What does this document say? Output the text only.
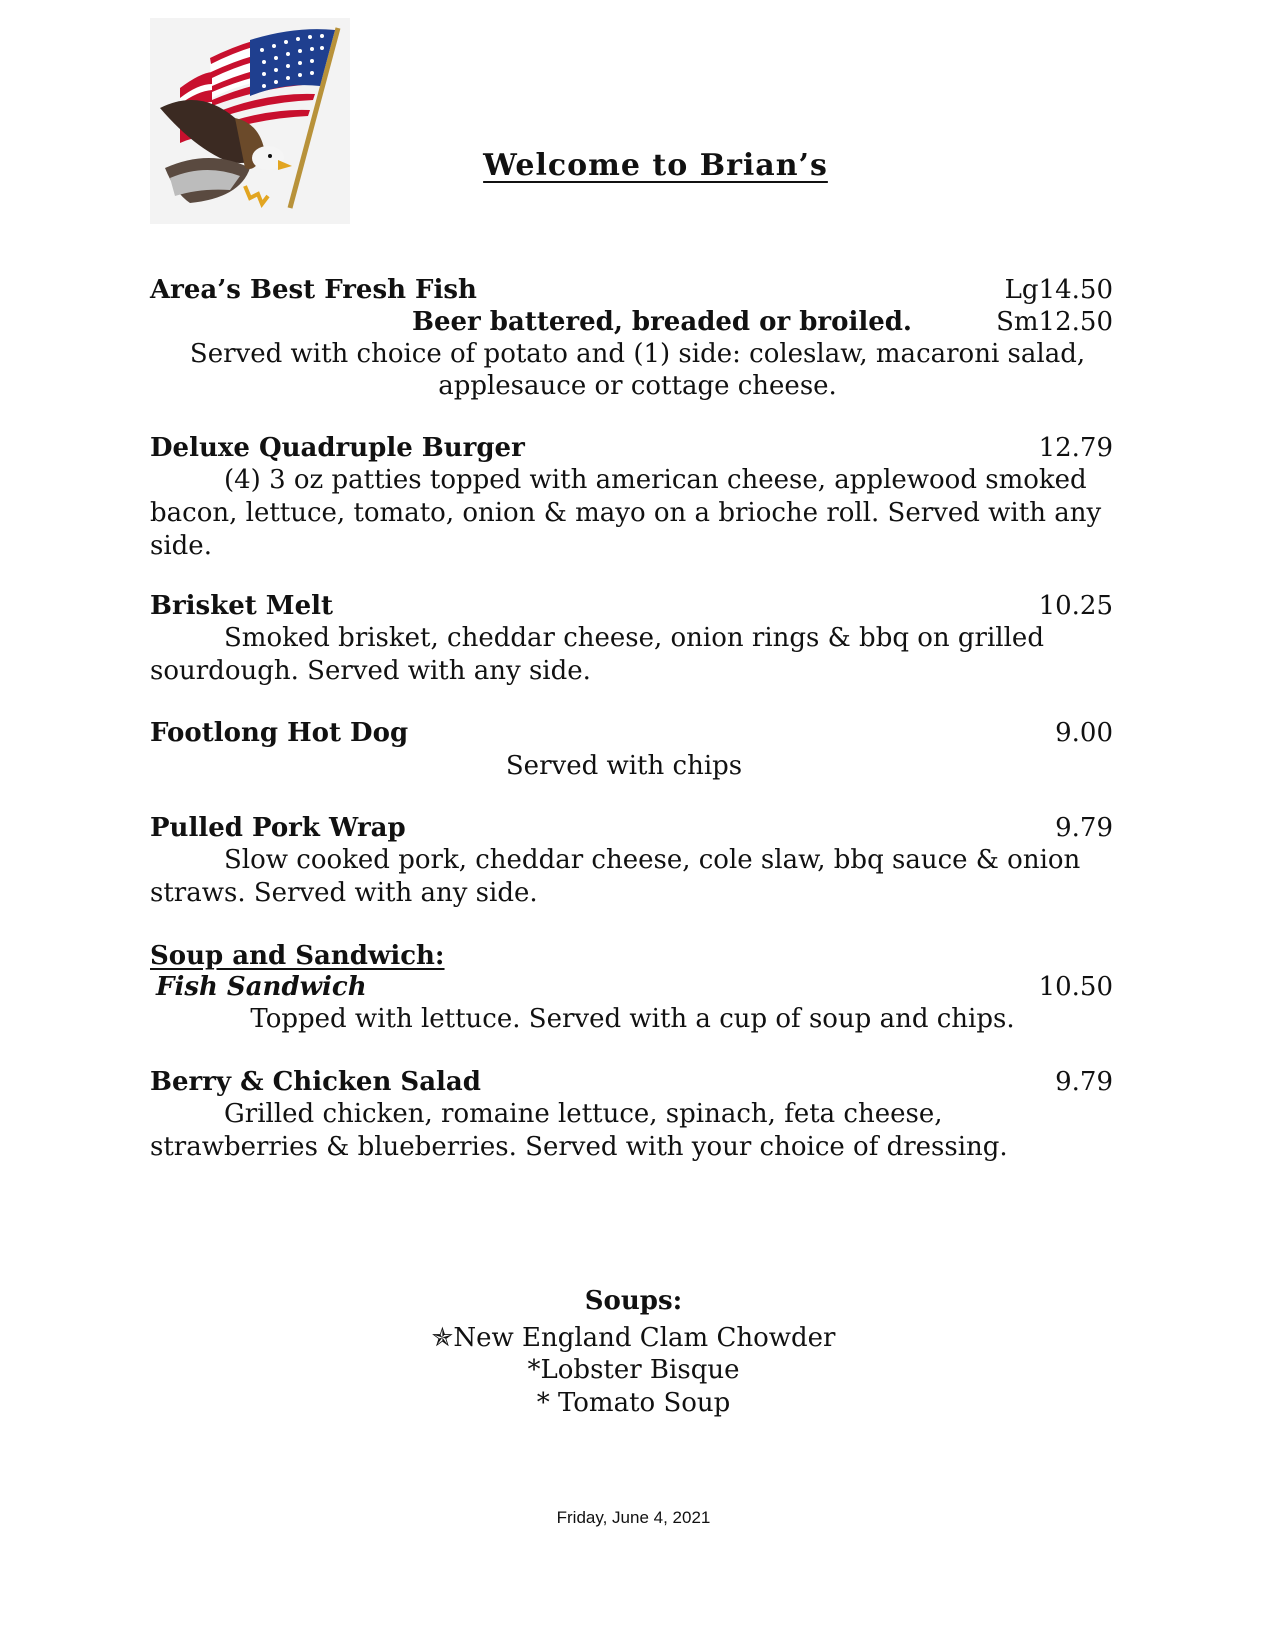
Welcome to Brian’s
Area’s Best Fresh Fish	Lg14.50
Beer battered, breaded or broiled.	Sm12.50
Served with choice of potato and (1) side: coleslaw, macaroni salad,
applesauce or cottage cheese.
Deluxe Quadruple Burger	12.79
(4) 3 oz patties topped with american cheese, applewood smoked bacon, lettuce, tomato, onion & mayo on a brioche roll. Served with any side.
Brisket Melt	10.25
Smoked brisket, cheddar cheese, onion rings & bbq on grilled sourdough. Served with any side.
Footlong Hot Dog	9.00
Served with chips
Pulled Pork Wrap	9.79
Slow cooked pork, cheddar cheese, cole slaw, bbq sauce & onion straws. Served with any side.
Soup and Sandwich:
Fish Sandwich	10.50
Topped with lettuce. Served with a cup of soup and chips.
Berry & Chicken Salad	9.79
Grilled chicken, romaine lettuce, spinach, feta cheese, strawberries & blueberries. Served with your choice of dressing.
Soups:
✯New England Clam Chowder
*Lobster Bisque
* Tomato Soup
Friday, June 4, 2021
